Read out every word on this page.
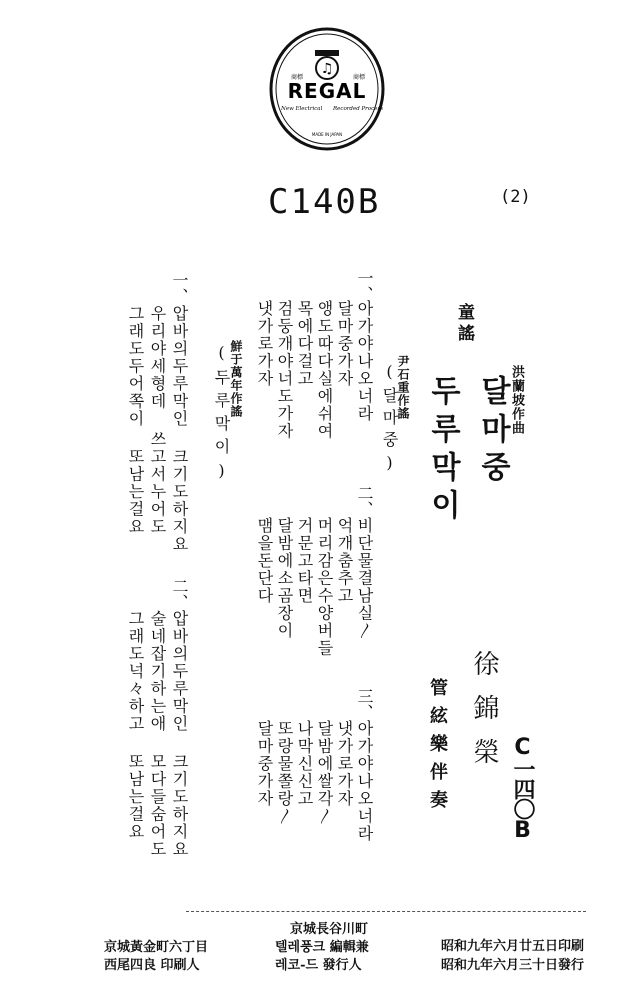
♫
商標	商標
REGAL
New Electrical Recorded Process
MADE IN JAPAN
C140B	(2)
童謠
달마중
두루막이	洪蘭坡作曲
徐錦榮
管絃樂伴奏	C一四〇B
尹石重作謠
(달마중)
一、
아가야나오너라
달마중가자
앵도따다실에쉬여
목에다걸고
검둥개야너도가자
냇가로가자
二、
비단물결남실〳
억개춤추고
머리감은수양버들
거문고타면
달밤에소곰장이
맴을돈단다
三、
아가야나오너라
냇가로가자
달밤에쌀각〳
나막신신고
또랑물쫄랑〳
달마중가자
鮮于萬年作謠
(두루막이)
一、
압바의두루막인 크기도하지요
우리야세형데 쓰고서누어도
그래도두어쪽이 또남는걸요
二、
압바의두루막인 크기도하지요
술네잡기하는애 모다들숨어도
그래도넉々하고 또남는걸요
昭和九年六月廿五日印刷
昭和九年六月三十日發行
京城長谷川町
텔레풍크 編輯兼
레코-드 發行人
京城黃金町六丁目
西尾四良 印刷人
